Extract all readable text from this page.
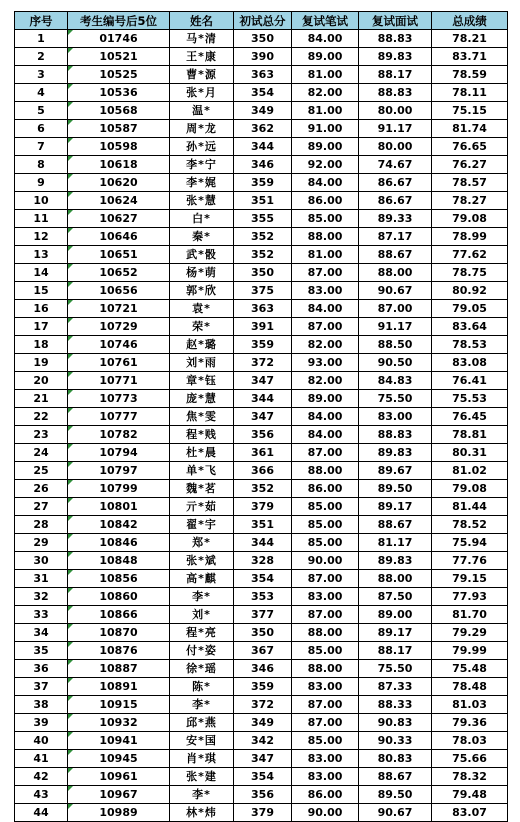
序号	考生编号后5位	姓名	初试总分	复试笔试	复试面试	总成绩
1	01746	马*清	350	84.00	88.83	78.21
2	10521	王*康	390	89.00	89.83	83.71
3	10525	曹*源	363	81.00	88.17	78.59
4	10536	张*月	354	82.00	88.83	78.11
5	10568	温*	349	81.00	80.00	75.15
6	10587	周*龙	362	91.00	91.17	81.74
7	10598	孙*远	344	89.00	80.00	76.65
8	10618	李*宁	346	92.00	74.67	76.27
9	10620	李*娓	359	84.00	86.67	78.57
10	10624	张*慧	351	86.00	86.67	78.27
11	10627	白*	355	85.00	89.33	79.08
12	10646	秦*	352	88.00	87.17	78.99
13	10651	武*骰	352	81.00	88.67	77.62
14	10652	杨*萌	350	87.00	88.00	78.75
15	10656	郭*欣	375	83.00	90.67	80.92
16	10721	袁*	363	84.00	87.00	79.05
17	10729	荣*	391	87.00	91.17	83.64
18	10746	赵*璐	359	82.00	88.50	78.53
19	10761	刘*雨	372	93.00	90.50	83.08
20	10771	章*钰	347	82.00	84.83	76.41
21	10773	庞*慧	344	89.00	75.50	75.53
22	10777	焦*雯	347	84.00	83.00	76.45
23	10782	程*贱	356	84.00	88.83	78.81
24	10794	杜*晨	361	87.00	89.83	80.31
25	10797	单*飞	366	88.00	89.67	81.02
26	10799	魏*茗	352	86.00	89.50	79.08
27	10801	亓*茹	379	85.00	89.17	81.44
28	10842	翟*宇	351	85.00	88.67	78.52
29	10846	郑*	344	85.00	81.17	75.94
30	10848	张*斌	328	90.00	89.83	77.76
31	10856	高*麒	354	87.00	88.00	79.15
32	10860	李*	353	83.00	87.50	77.93
33	10866	刘*	377	87.00	89.00	81.70
34	10870	程*亮	350	88.00	89.17	79.29
35	10876	付*姿	367	85.00	88.17	79.99
36	10887	徐*瑶	346	88.00	75.50	75.48
37	10891	陈*	359	83.00	87.33	78.48
38	10915	李*	372	87.00	88.33	81.03
39	10932	邱*燕	349	87.00	90.83	79.36
40	10941	安*国	342	85.00	90.33	78.03
41	10945	肖*琪	347	83.00	80.83	75.66
42	10961	张*建	354	83.00	88.67	78.32
43	10967	李*	356	86.00	89.50	79.48
44	10989	林*炜	379	90.00	90.67	83.07
